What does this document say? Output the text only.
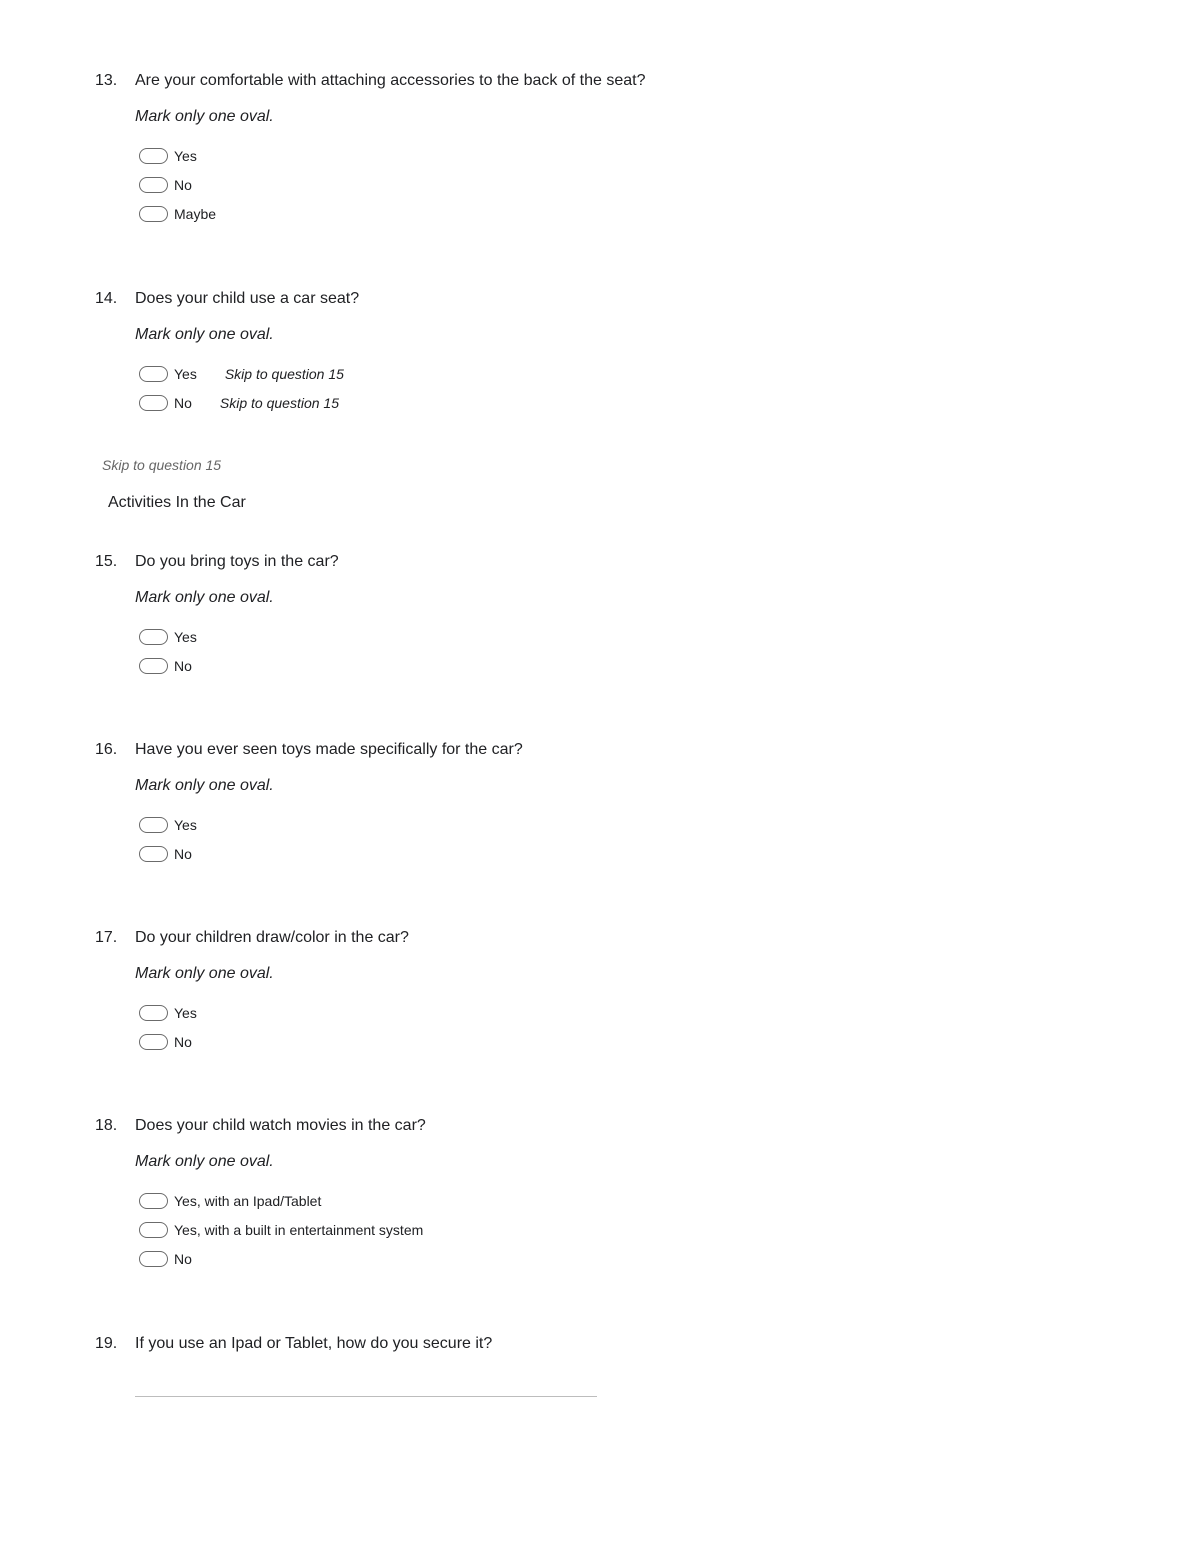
13. Are your comfortable with attaching accessories to the back of the seat?
Mark only one oval.
Yes
No
Maybe
14. Does your child use a car seat?
Mark only one oval.
Yes Skip to question 15
No Skip to question 15
Skip to question 15
Activities In the Car
15. Do you bring toys in the car?
Mark only one oval.
Yes
No
16. Have you ever seen toys made specifically for the car?
Mark only one oval.
Yes
No
17. Do your children draw/color in the car?
Mark only one oval.
Yes
No
18. Does your child watch movies in the car?
Mark only one oval.
Yes, with an Ipad/Tablet
Yes, with a built in entertainment system
No
19. If you use an Ipad or Tablet, how do you secure it?
